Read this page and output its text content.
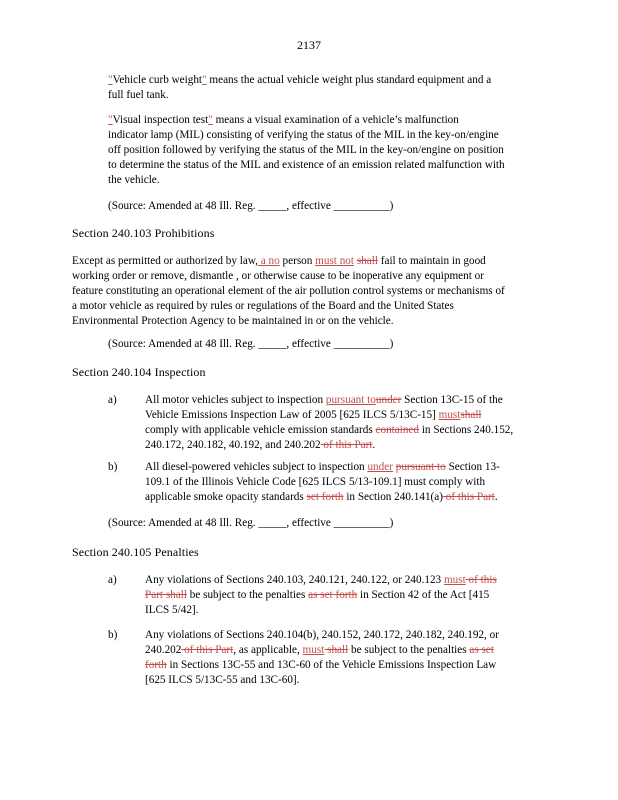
2137
"Vehicle curb weight" means the actual vehicle weight plus standard equipment and a
full fuel tank.
"Visual inspection test" means a visual examination of a vehicle’s malfunction
indicator lamp (MIL) consisting of verifying the status of the MIL in the key-on/engine
off position followed by verifying the status of the MIL in the key-on/engine on position
to determine the status of the MIL and existence of an emission related malfunction with
the vehicle.
(Source: Amended at 48 Ill. Reg. _____, effective __________)
Section 240.103 Prohibitions
Except as permitted or authorized by law, a no person must not shall fail to maintain in good
working order or remove, dismantle , or otherwise cause to be inoperative any equipment or
feature constituting an operational element of the air pollution control systems or mechanisms of
a motor vehicle as required by rules or regulations of the Board and the United States
Environmental Protection Agency to be maintained in or on the vehicle.
(Source: Amended at 48 Ill. Reg. _____, effective __________)
Section 240.104 Inspection
a)	All motor vehicles subject to inspection pursuant tounder Section 13C-15 of the
Vehicle Emissions Inspection Law of 2005 [625 ILCS 5/13C-15] mustshall
comply with applicable vehicle emission standards contained in Sections 240.152,
240.172, 240.182, 40.192, and 240.202 of this Part.
b) All diesel-powered vehicles subject to inspection under pursuant to Section 13-
109.1 of the Illinois Vehicle Code [625 ILCS 5/13-109.1] must comply with
applicable smoke opacity standards set forth in Section 240.141(a) of this Part.
(Source: Amended at 48 Ill. Reg. _____, effective __________)
Section 240.105 Penalties
a)	Any violations of Sections 240.103, 240.121, 240.122, or 240.123 must of this
Part shall be subject to the penalties as set forth in Section 42 of the Act [415
ILCS 5/42].
b) Any violations of Sections 240.104(b), 240.152, 240.172, 240.182, 240.192, or
240.202 of this Part, as applicable, must shall be subject to the penalties as set
forth in Sections 13C-55 and 13C-60 of the Vehicle Emissions Inspection Law
[625 ILCS 5/13C-55 and 13C-60].
